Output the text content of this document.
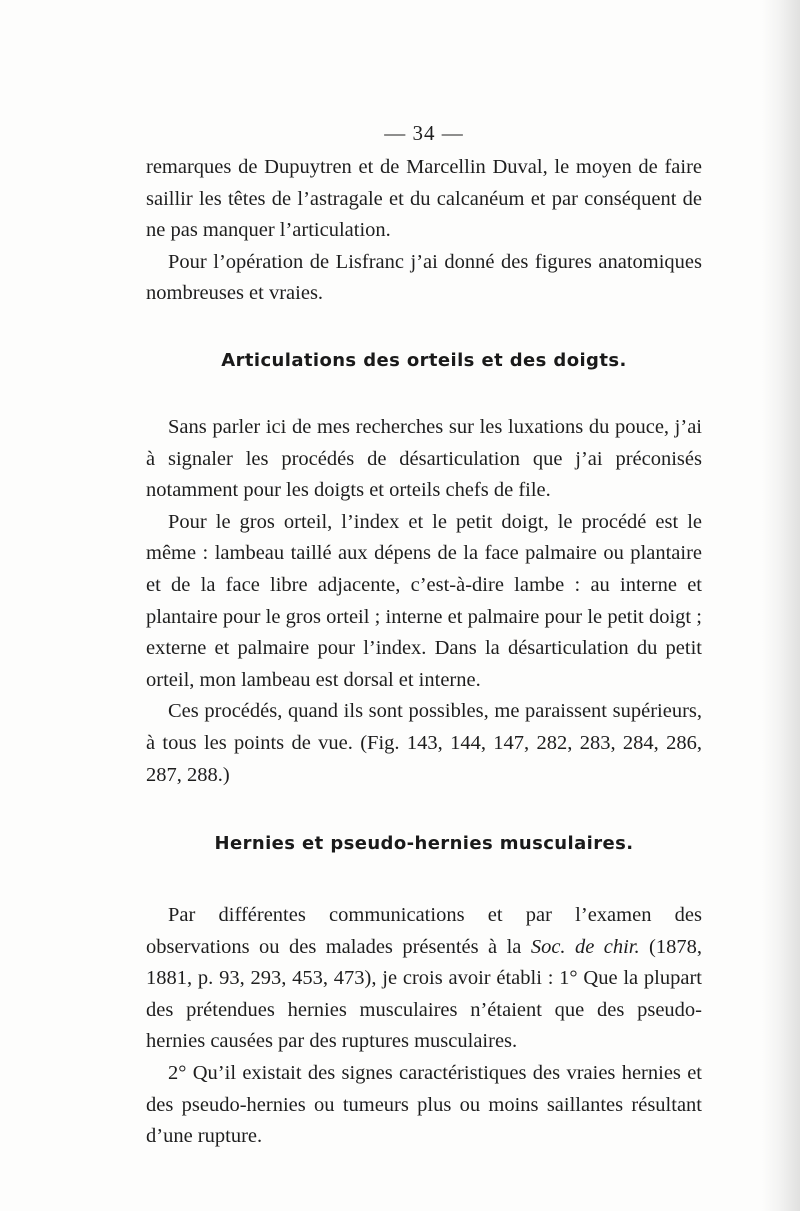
— 34 —

remarques de Dupuytren et de Marcellin Duval, le moyen de faire saillir les têtes de l’astragale et du calcanéum et par conséquent de ne pas manquer l’articulation.

Pour l’opération de Lisfranc j’ai donné des figures anatomiques nombreuses et vraies.

Articulations des orteils et des doigts.

Sans parler ici de mes recherches sur les luxations du pouce, j’ai à signaler les procédés de désarticulation que j’ai préconisés notamment pour les doigts et orteils chefs de file.

Pour le gros orteil, l’index et le petit doigt, le procédé est le même : lambeau taillé aux dépens de la face palmaire ou plantaire et de la face libre adjacente, c’est-à-dire lambe : au interne et plantaire pour le gros orteil ; interne et palmaire pour le petit doigt ; externe et palmaire pour l’index. Dans la désarticulation du petit orteil, mon lambeau est dorsal et interne.

Ces procédés, quand ils sont possibles, me paraissent supérieurs, à tous les points de vue. (Fig. 143, 144, 147, 282, 283, 284, 286, 287, 288.)

Hernies et pseudo-hernies musculaires.

Par différentes communications et par l’examen des observations ou des malades présentés à la Soc. de chir. (1878, 1881, p. 93, 293, 453, 473), je crois avoir établi : 1° Que la plupart des prétendues hernies musculaires n’étaient que des pseudo-hernies causées par des ruptures musculaires.

2° Qu’il existait des signes caractéristiques des vraies hernies et des pseudo-hernies ou tumeurs plus ou moins saillantes résultant d’une rupture.
